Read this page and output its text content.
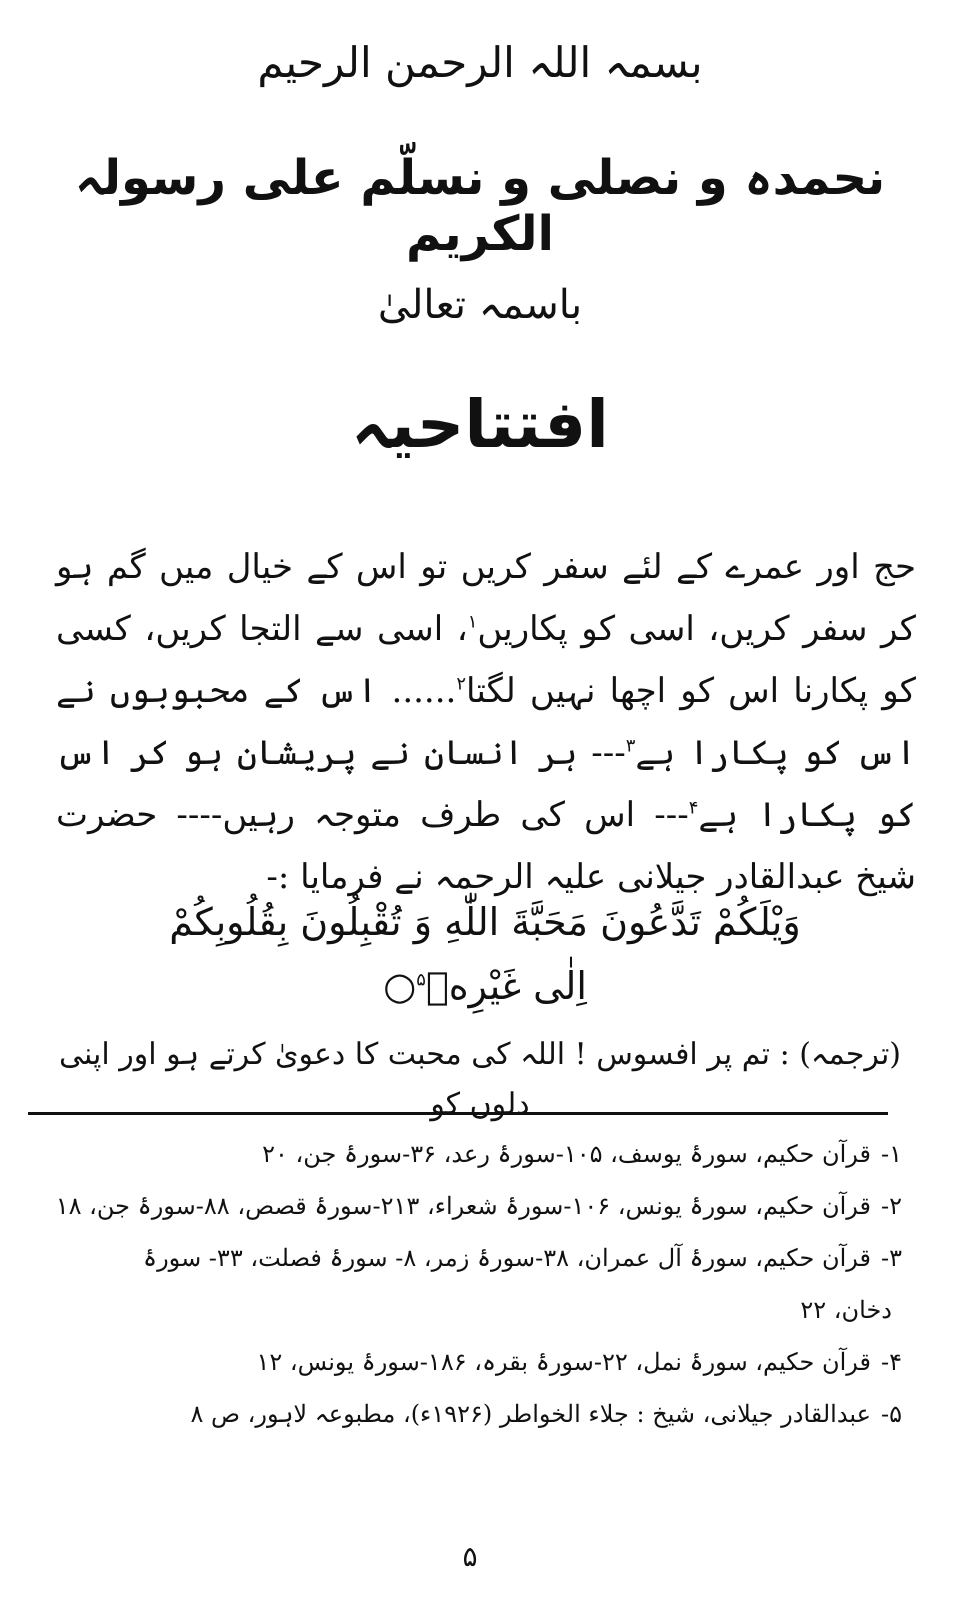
بسمہ اللہ الرحمن الرحیم
نحمدہ و نصلی و نسلّم علی رسولہ الکریم
باسمہ تعالیٰ
افتتاحیہ

حج اور عمرے کے لئے سفر کریں تو اس کے خیال میں گم ہو کر سفر کریں، اسی کو پکاریں$^۱$، اسی سے التجا کریں، کسی کو پکارنا اس کو اچھا نہیں لگتا$^۲$...... اس کے محبوبوں نے اس کو پکارا ہے$^۳$--- ہر انسان نے پریشان ہو کر اس کو پکارا ہے$^۴$--- اس کی طرف متوجہ رہیں---- حضرت شیخ عبدالقادر جیلانی علیہ الرحمہ نے فرمایا :-

وَيْلَكُمْ تَدَّعُونَ مَحَبَّةَ اللّٰهِ وَ تُقْبِلُونَ بِقُلُوبِكُمْ
اِلٰى غَيْرِهٖ$^۵$○
(ترجمہ) : تم پر افسوس ! اللہ کی محبت کا دعویٰ کرتے ہو اور اپنی دلوں کو

۱-قرآن حکیم، سورۂ یوسف، ۱۰۵-سورۂ رعد، ۳۶-سورۂ جن، ۲۰

۲-قرآن حکیم، سورۂ یونس، ۱۰۶-سورۂ شعراء، ۲۱۳-سورۂ قصص، ۸۸-سورۂ جن، ۱۸

۳-قرآن حکیم، سورۂ آل عمران، ۳۸-سورۂ زمر، ۸- سورۂ فصلت، ۳۳- سورۂ

دخان، ۲۲

۴-قرآن حکیم، سورۂ نمل، ۲۲-سورۂ بقرہ، ۱۸۶-سورۂ یونس، ۱۲

۵-عبدالقادر جیلانی، شیخ : جلاء الخواطر (۱۹۲۶ء)، مطبوعہ لاہور، ص ۸

۵
